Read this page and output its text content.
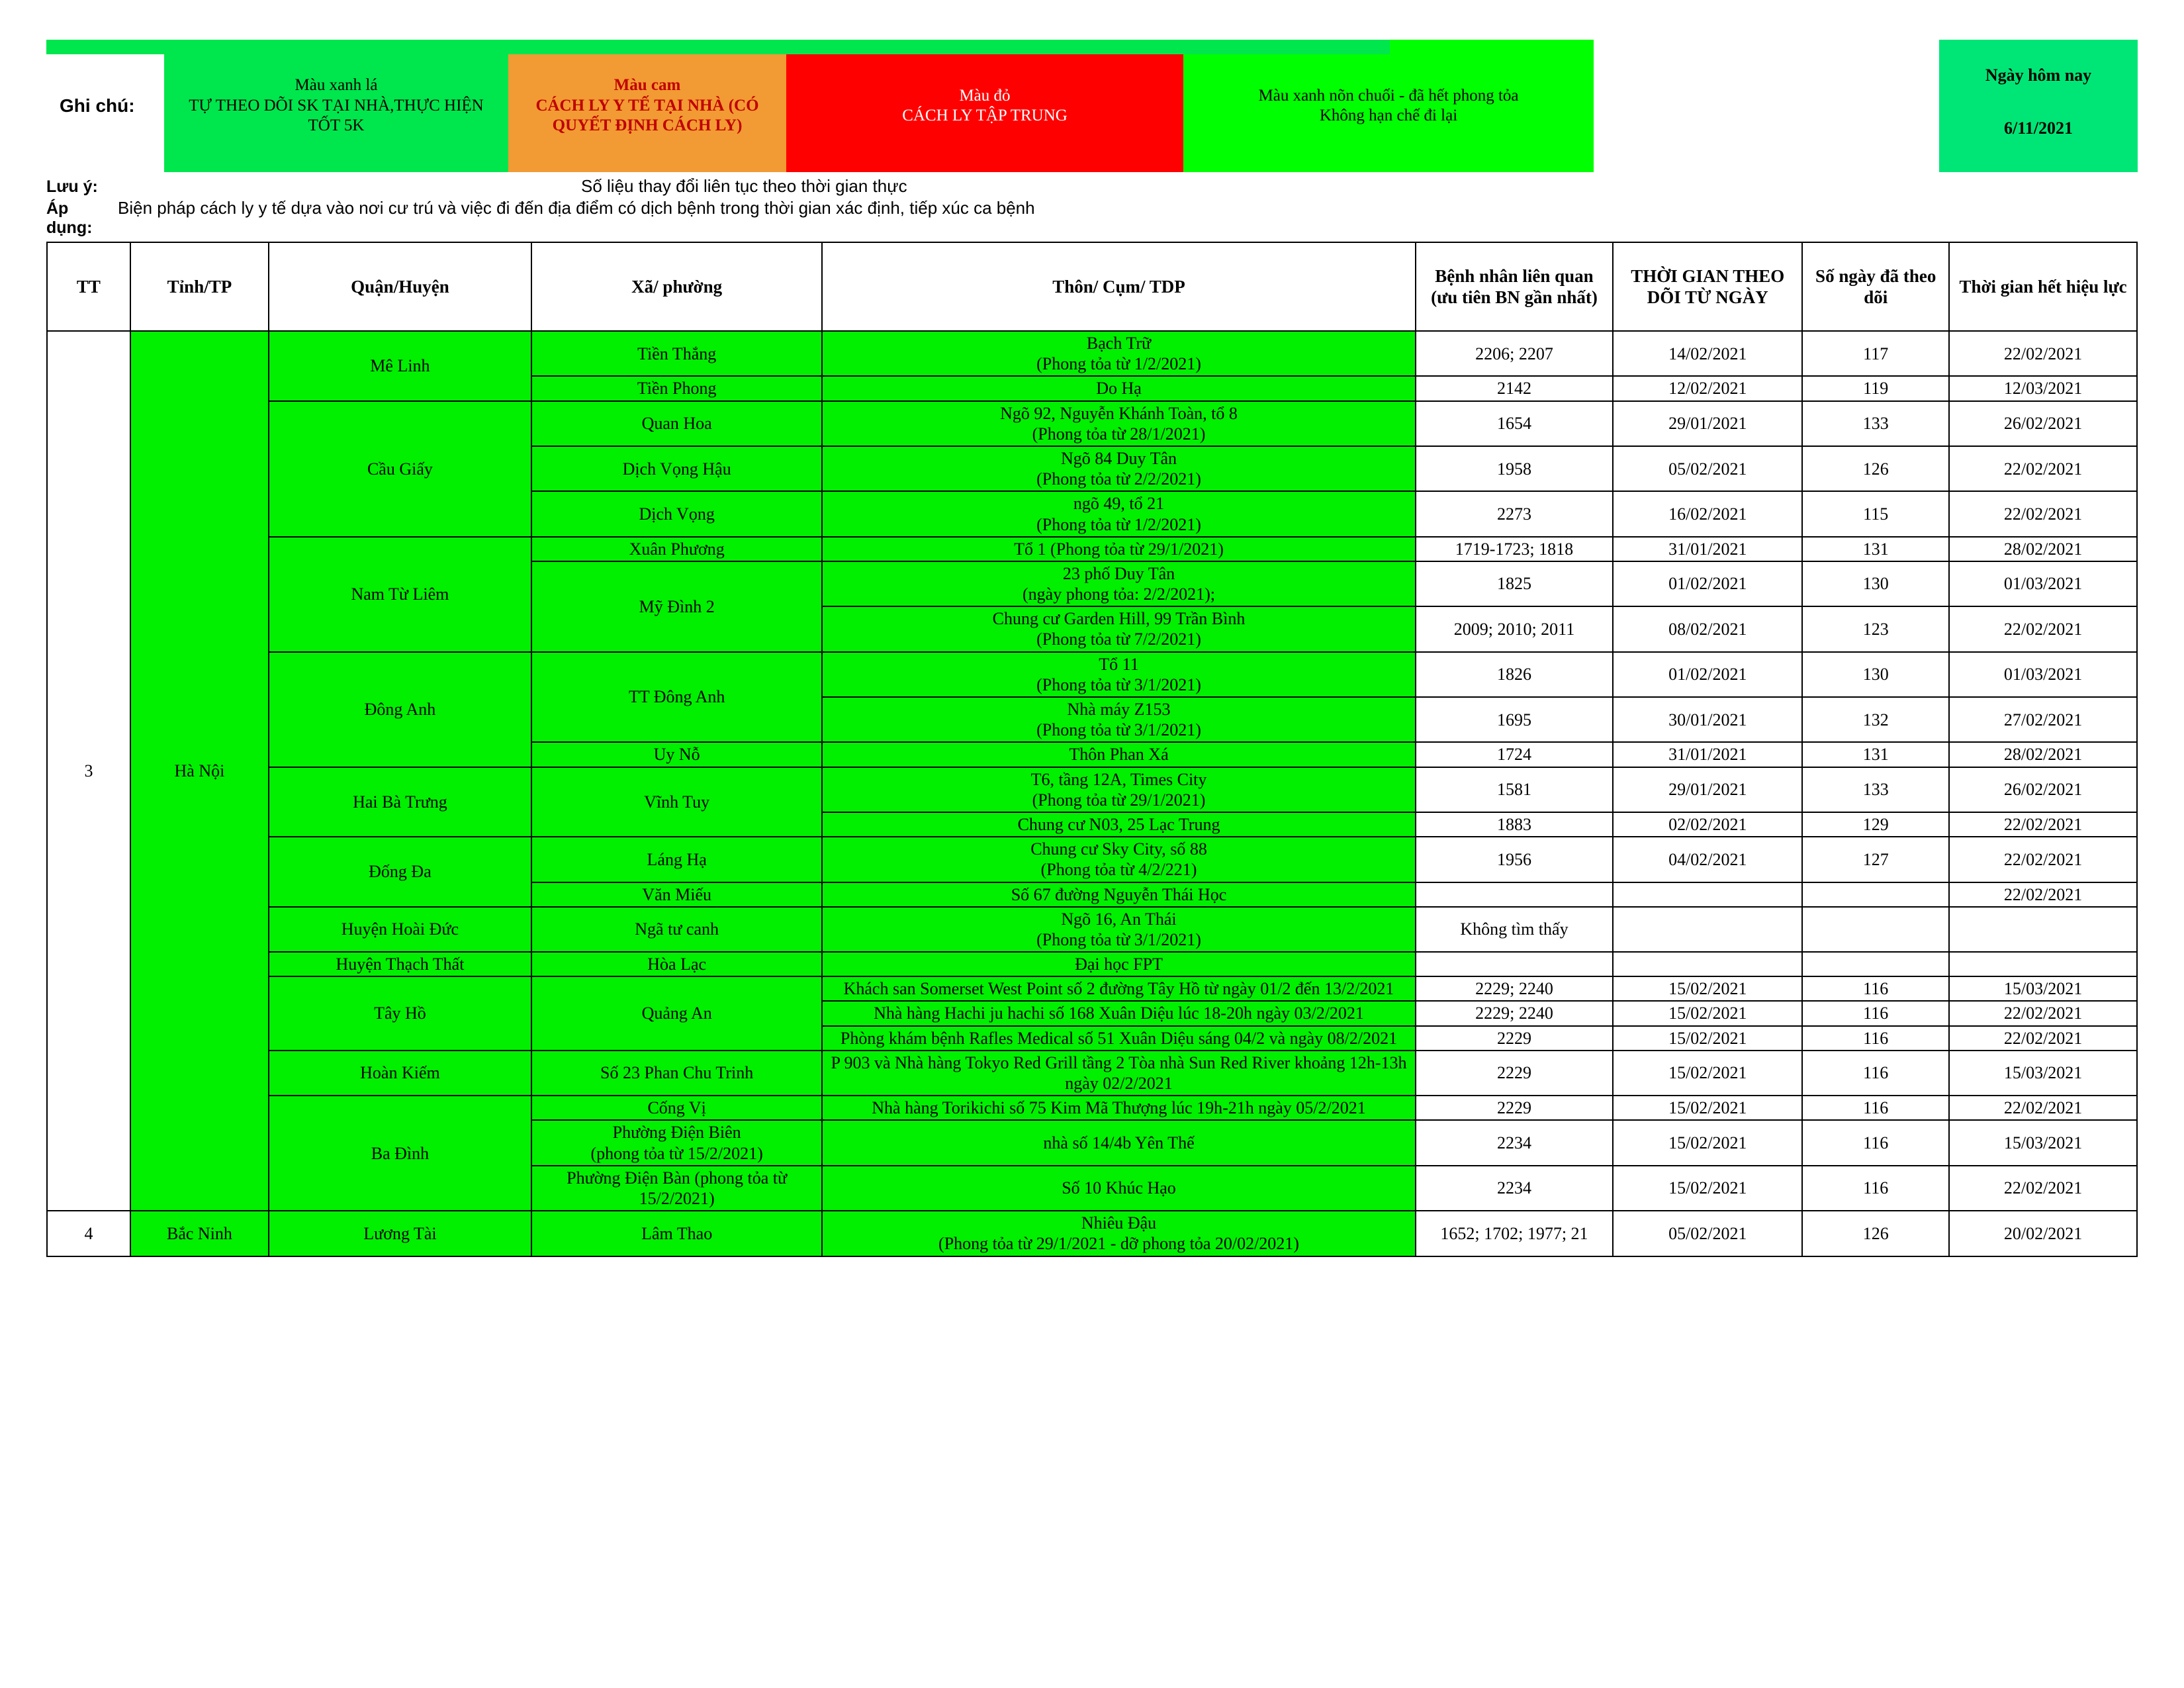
Ghi chú:
Màu xanh lá
TỰ THEO DÕI SK TẠI NHÀ,THỰC HIỆN
TỐT 5K
Màu cam
CÁCH LY Y TẾ TẠI NHÀ (CÓ
QUYẾT ĐỊNH CÁCH LY)
Màu đỏ
CÁCH LY TẬP TRUNG
Màu xanh nõn chuối - đã hết phong tỏa
Không hạn chế đi lại
Ngày hôm nay
6/11/2021
Lưu ý:	Số liệu thay đổi liên tục theo thời gian thực
Áp dụng:
Biện pháp cách ly y tế dựa vào nơi cư trú và việc đi đến địa điểm có dịch bệnh trong thời gian xác định, tiếp xúc ca bệnh
TT	Tỉnh/TP	Quận/Huyện	Xã/ phường	Thôn/ Cụm/ TDP	Bệnh nhân liên quan (ưu tiên BN gần nhất)	THỜI GIAN THEO DÕI TỪ NGÀY	Số ngày đã theo dõi	Thời gian hết hiệu lực
3	Hà Nội	Mê Linh	Tiền Thắng	Bạch Trữ
(Phong tỏa từ 1/2/2021)	2206; 2207	14/02/2021	117	22/02/2021
			Tiền Phong	Do Hạ	2142	12/02/2021	119	12/03/2021
		Cầu Giấy	Quan Hoa	Ngõ 92, Nguyễn Khánh Toàn, tổ 8
(Phong tỏa từ 28/1/2021)	1654	29/01/2021	133	26/02/2021
			Dịch Vọng Hậu	Ngõ 84 Duy Tân
(Phong tỏa từ 2/2/2021)	1958	05/02/2021	126	22/02/2021
			Dịch Vọng	ngõ 49, tổ 21
(Phong tỏa từ 1/2/2021)	2273	16/02/2021	115	22/02/2021
		Nam Từ Liêm	Xuân Phương	Tổ 1 (Phong tỏa từ 29/1/2021)	1719-1723; 1818	31/01/2021	131	28/02/2021
			Mỹ Đình 2	23 phố Duy Tân
(ngày phong tỏa: 2/2/2021);	1825	01/02/2021	130	01/03/2021
				Chung cư Garden Hill, 99 Trần Bình
(Phong tỏa từ 7/2/2021)	2009; 2010; 2011	08/02/2021	123	22/02/2021
		Đông Anh	TT Đông Anh	Tổ 11
(Phong tỏa từ 3/1/2021)	1826	01/02/2021	130	01/03/2021
				Nhà máy Z153
(Phong tỏa từ 3/1/2021)	1695	30/01/2021	132	27/02/2021
			Uy Nỗ	Thôn Phan Xá	1724	31/01/2021	131	28/02/2021
		Hai Bà Trưng	Vĩnh Tuy	T6, tầng 12A, Times City
(Phong tỏa từ 29/1/2021)	1581	29/01/2021	133	26/02/2021
				Chung cư N03, 25 Lạc Trung	1883	02/02/2021	129	22/02/2021
		Đống Đa	Láng Hạ	Chung cư Sky City, số 88
(Phong tỏa từ 4/2/221)	1956	04/02/2021	127	22/02/2021
			Văn Miếu	Số 67 đường Nguyễn Thái Học				22/02/2021
		Huyện Hoài Đức	Ngã tư canh	Ngõ 16, An Thái
(Phong tỏa từ 3/1/2021)	Không tìm thấy			
		Huyện Thạch Thất	Hòa Lạc	Đại học FPT				
		Tây Hồ	Quảng An	Khách san Somerset West Point số 2 đường Tây Hồ từ ngày 01/2 đến 13/2/2021	2229; 2240	15/02/2021	116	15/03/2021
				Nhà hàng Hachi ju hachi số 168 Xuân Diệu lúc 18-20h ngày 03/2/2021	2229; 2240	15/02/2021	116	22/02/2021
				Phòng khám bệnh Rafles Medical số 51 Xuân Diệu sáng 04/2 và ngày 08/2/2021	2229	15/02/2021	116	22/02/2021
		Hoàn Kiếm	Số 23 Phan Chu Trinh	P 903 và Nhà hàng Tokyo Red Grill tầng 2 Tòa nhà Sun Red River khoảng 12h-13h ngày 02/2/2021	2229	15/02/2021	116	15/03/2021
		Ba Đình	Cống Vị	Nhà hàng Torikichi số 75 Kim Mã Thượng lúc 19h-21h ngày 05/2/2021	2229	15/02/2021	116	22/02/2021
			Phường Điện Biên
(phong tỏa từ 15/2/2021)	nhà số 14/4b Yên Thế	2234	15/02/2021	116	15/03/2021
			Phường Điện Bàn (phong tỏa từ 15/2/2021)	Số 10 Khúc Hạo	2234	15/02/2021	116	22/02/2021
4	Bắc Ninh	Lương Tài	Lâm Thao	Nhiêu Đậu
(Phong tỏa từ 29/1/2021 - dỡ phong tỏa 20/02/2021)	1652; 1702; 1977; 21	05/02/2021	126	20/02/2021
